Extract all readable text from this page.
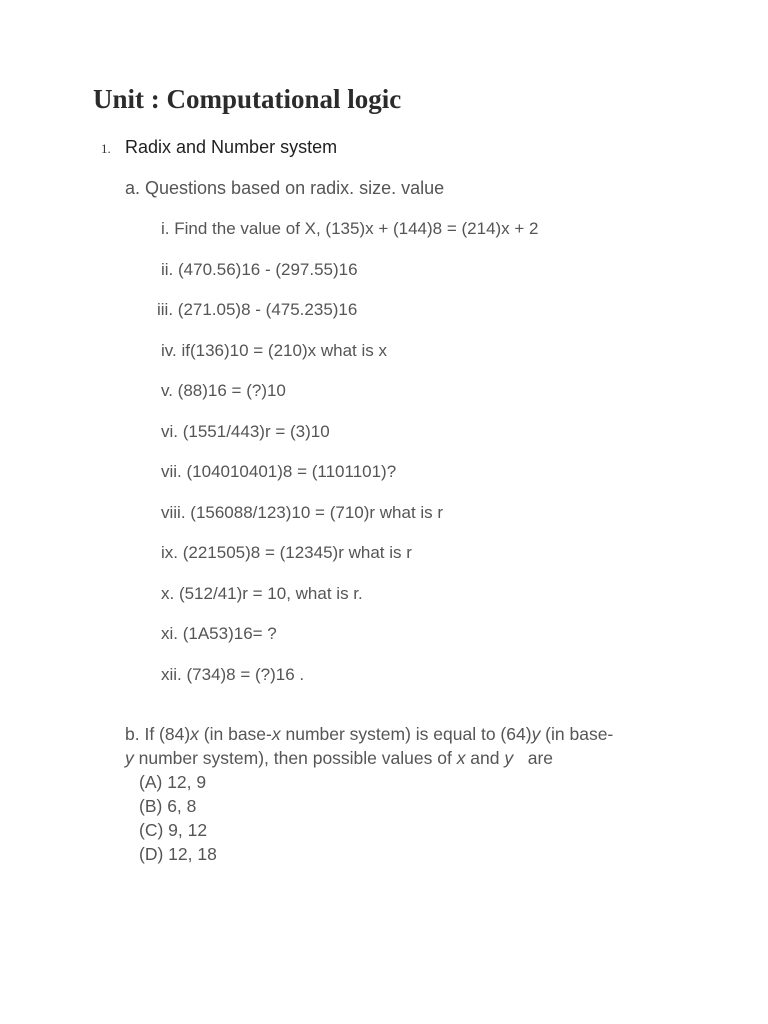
Unit : Computational logic
1. Radix and Number system
a. Questions based on radix. size. value
i. Find the value of X, (135)x + (144)8 = (214)x + 2
ii. (470.56)16 - (297.55)16
iii. (271.05)8 - (475.235)16
iv. if(136)10 = (210)x what is x
v. (88)16 = (?)10
vi. (1551/443)r = (3)10
vii. (104010401)8 = (1101101)?
viii. (156088/123)10 = (710)r what is r
ix. (221505)8 = (12345)r what is r
x. (512/41)r = 10, what is r.
xi. (1A53)16= ?
xii. (734)8 = (?)16 .
b. If (84)x (in base-x number system) is equal to (64)y (in base-
y number system), then possible values of x and y   are
(A) 12, 9
(B) 6, 8
(C) 9, 12
(D) 12, 18
